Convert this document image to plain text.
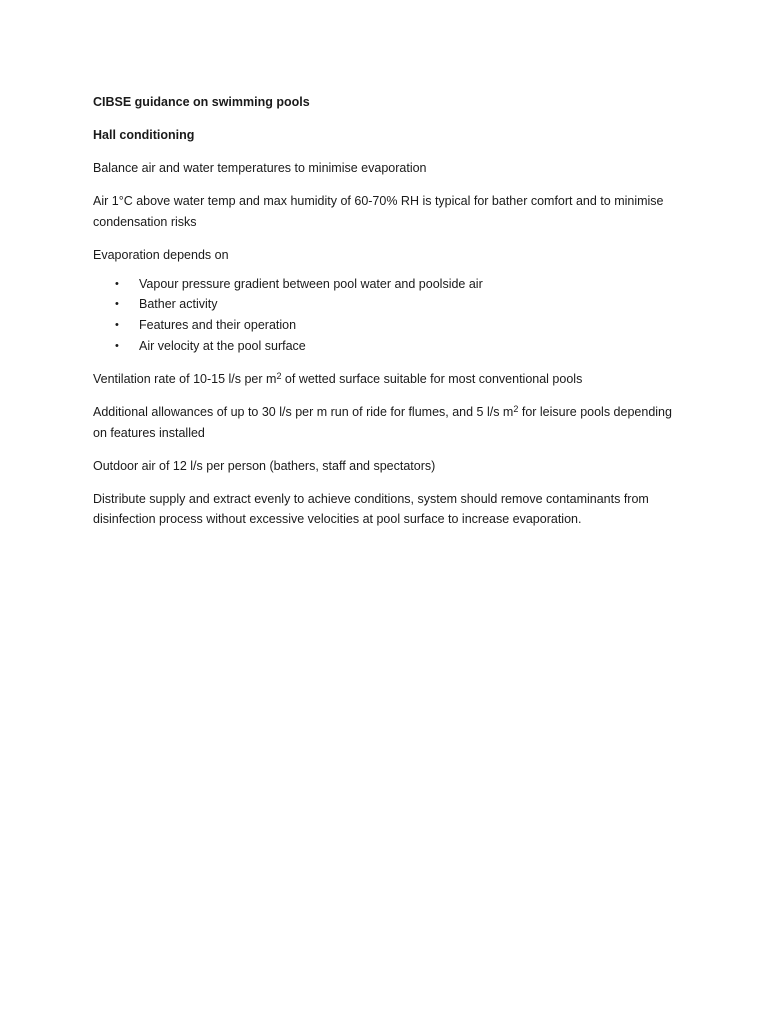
CIBSE guidance on swimming pools

Hall conditioning

Balance air and water temperatures to minimise evaporation

Air 1°C above water temp and max humidity of 60-70% RH is typical for bather comfort and to minimise condensation risks

Evaporation depends on

• Vapour pressure gradient between pool water and poolside air
• Bather activity
• Features and their operation
• Air velocity at the pool surface

Ventilation rate of 10-15 l/s per $m^2$ of wetted surface suitable for most conventional pools

Additional allowances of up to 30 l/s per m run of ride for flumes, and 5 l/s $m^2$ for leisure pools depending on features installed

Outdoor air of 12 l/s per person (bathers, staff and spectators)

Distribute supply and extract evenly to achieve conditions, system should remove contaminants from disinfection process without excessive velocities at pool surface to increase evaporation.
